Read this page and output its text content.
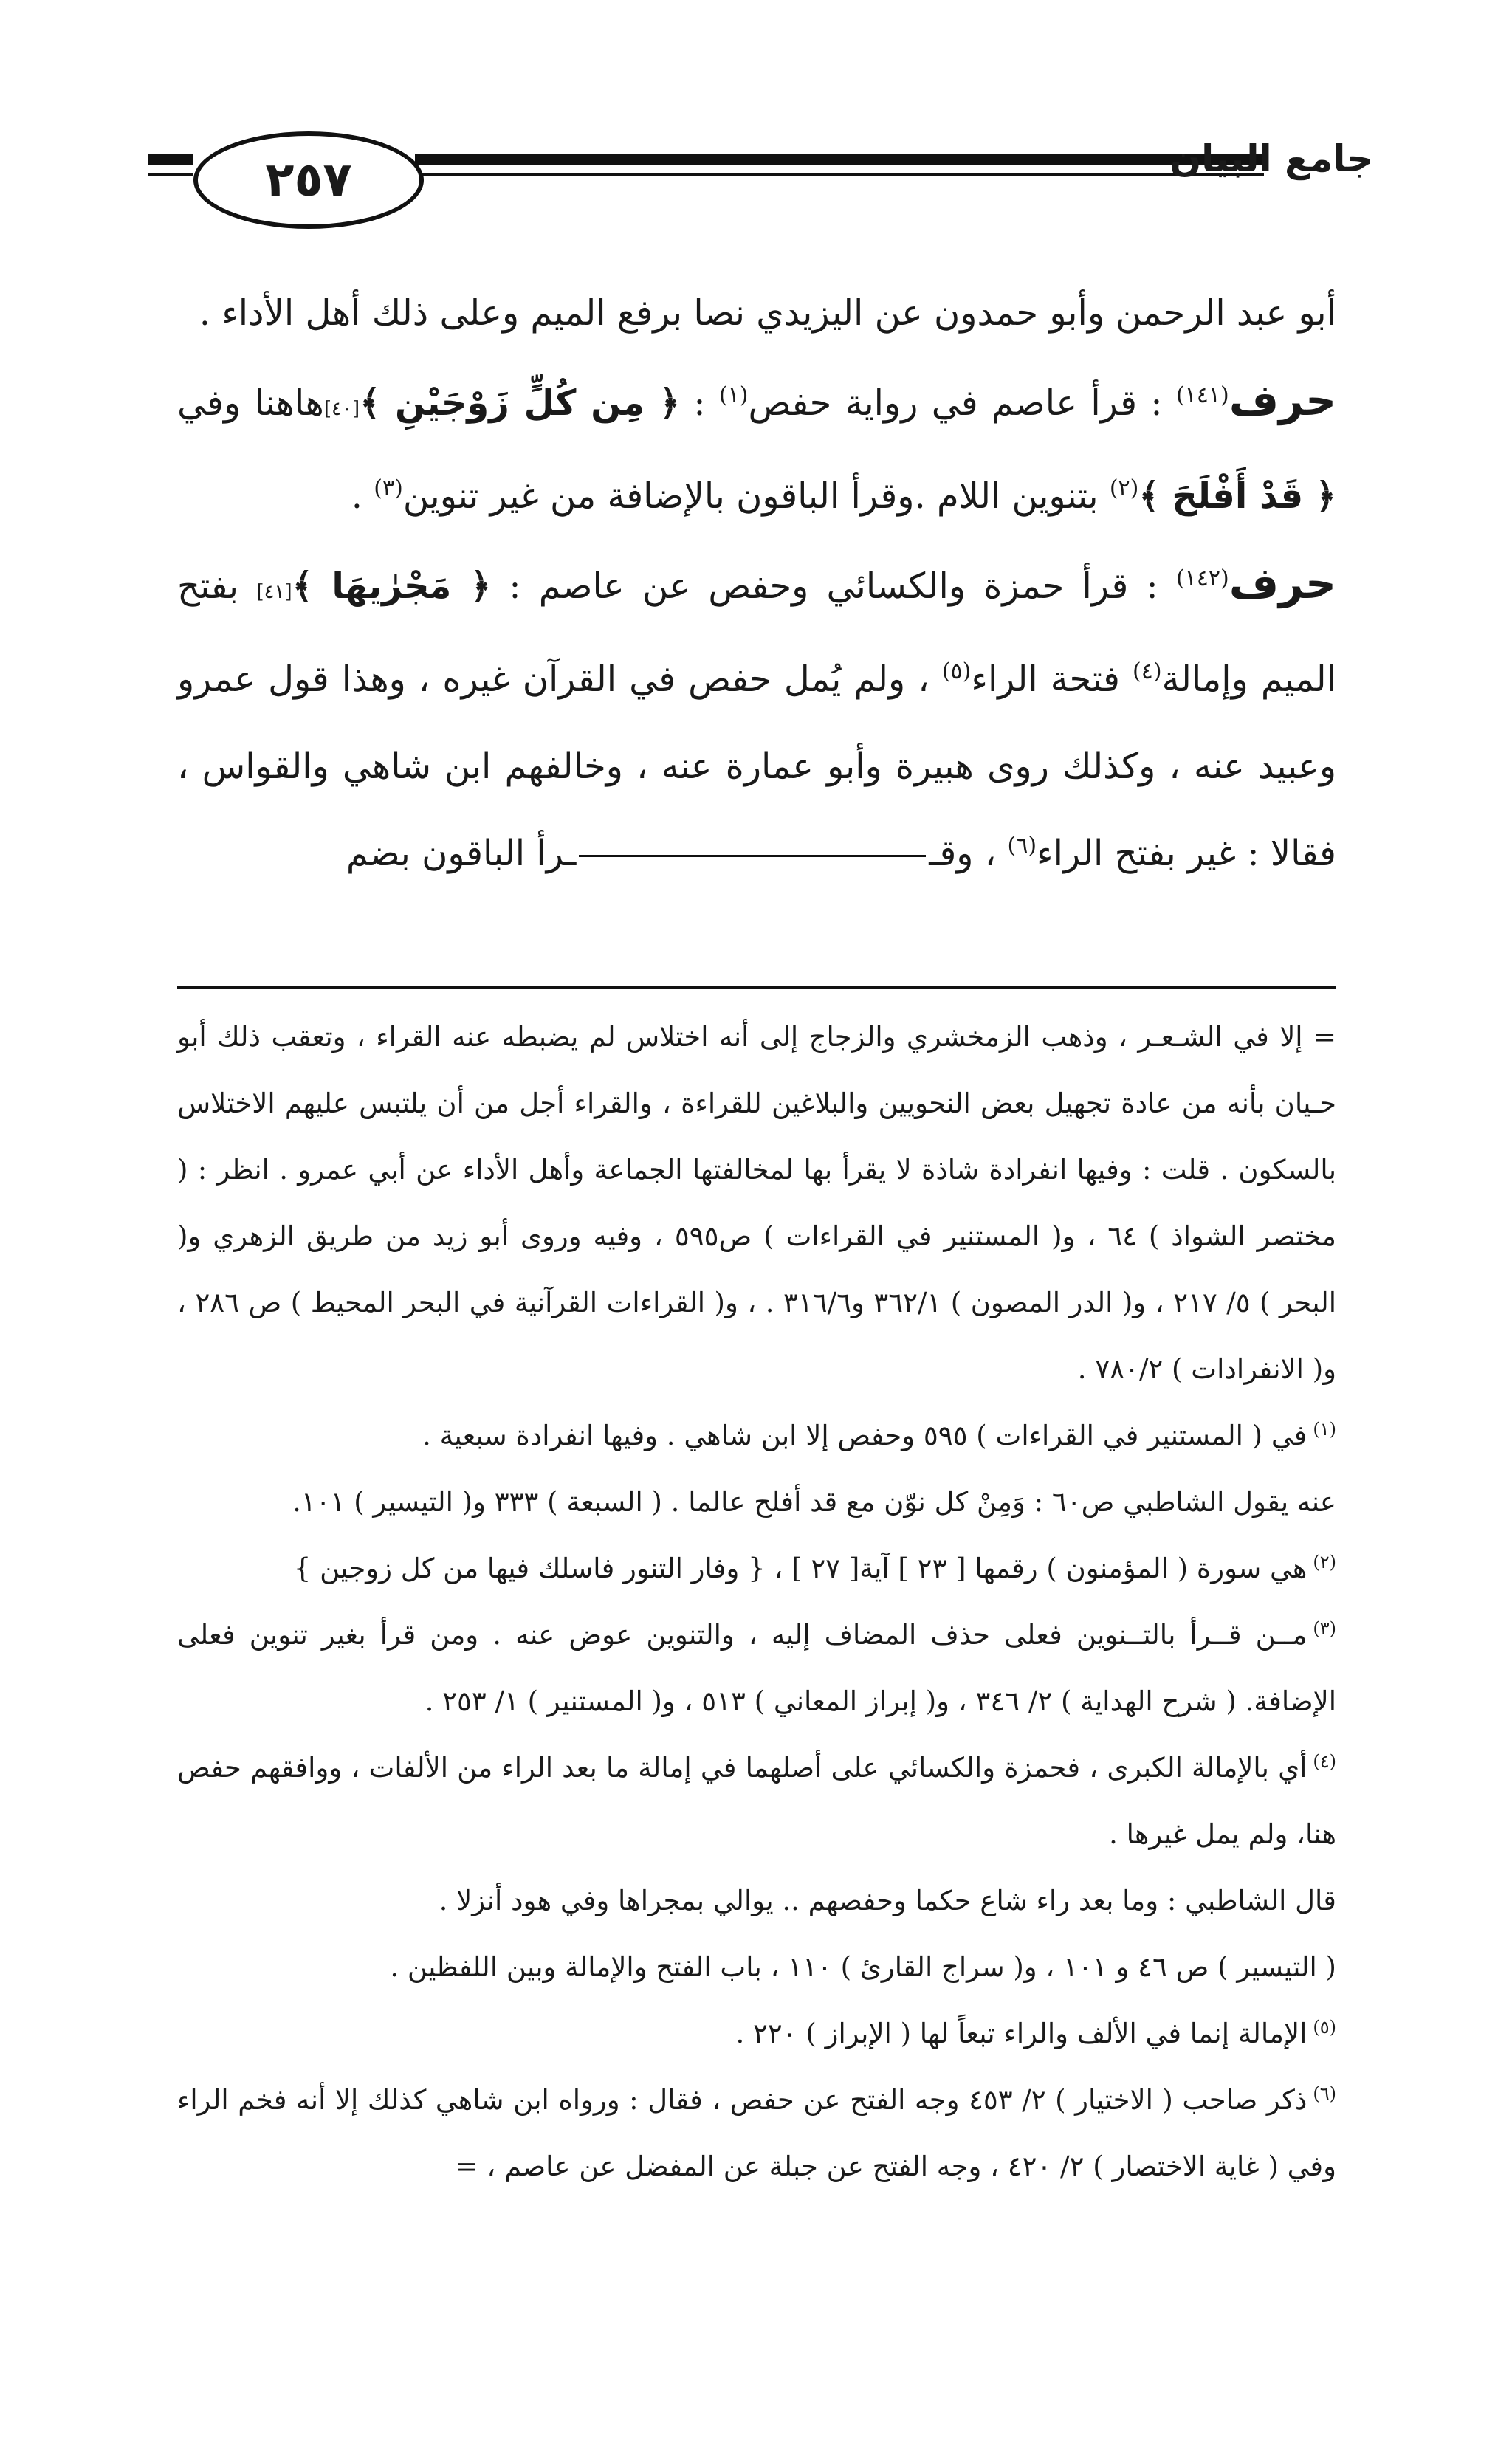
٢٥٧	جامع البيان

أبو عبد الرحمن وأبو حمدون عن اليزيدي نصا برفع الميم وعلى ذلك أهل الأداء .

حرف$^{(١٤١)}$ : قرأ عاصم في رواية حفص$^{(١)}$ : ﴿ مِن كُلٍّ زَوْجَيْنِ ﴾[٤٠]هاهنا وفي ﴿ قَدْ أَفْلَحَ ﴾$^{(٢)}$ بتنوين اللام .وقرأ الباقون بالإضافة من غير تنوين$^{(٣)}$ .

حرف$^{(١٤٢)}$ : قرأ حمزة والكسائي وحفص عن عاصم : ﴿ مَجْرٰيهَا ﴾[٤١] بفتح الميم وإمالة$^{(٤)}$ فتحة الراء$^{(٥)}$ ، ولم يُمل حفص في القرآن غيره ، وهذا قول عمرو وعبيد عنه ، وكذلك روى هبيرة وأبو عمارة عنه ، وخالفهم ابن شاهي والقواس ، فقالا : غير بفتح الراء$^{(٦)}$ ، وقــرأ الباقون بضم

= إلا في الشـعـر ، وذهب الزمخشري والزجاج إلى أنه اختلاس لم يضبطه عنه القراء ، وتعقب ذلك أبو حـيان بأنه من عادة تجهيل بعض النحويين والبلاغين للقراءة ، والقراء أجل من أن يلتبس عليهم الاختلاس بالسكون . قلت : وفيها انفرادة شاذة لا يقرأ بها لمخالفتها الجماعة وأهل الأداء عن أبي عمرو . انظر : ( مختصر الشواذ ) ٦٤ ، و( المستنير في القراءات ) ص٥٩٥ ، وفيه وروى أبو زيد من طريق الزهري و( البحر ) ٥/ ٢١٧ ، و( الدر المصون ) ٣٦٢/١ و٣١٦/٦ . ، و( القراءات القرآنية في البحر المحيط ) ص ٢٨٦ ، و( الانفرادات ) ٧٨٠/٢ .

$^{(١)}$في ( المستنير في القراءات ) ٥٩٥ وحفص إلا ابن شاهي . وفيها انفرادة سبعية .

عنه يقول الشاطبي ص٦٠ : وَمِنْ كل نوّن مع قد أفلح عالما . ( السبعة ) ٣٣٣ و( التيسير ) ١٠١.

$^{(٢)}$هي سورة ( المؤمنون ) رقمها [ ٢٣ ] آية[ ٢٧ ] ، { وفار التنور فاسلك فيها من كل زوجين }

$^{(٣)}$مــن قــرأ بالتــنوين فعلى حذف المضاف إليه ، والتنوين عوض عنه . ومن قرأ بغير تنوين فعلى الإضافة. ( شرح الهداية ) ٢/ ٣٤٦ ، و( إبراز المعاني ) ٥١٣ ، و( المستنير ) ١/ ٢٥٣ .

$^{(٤)}$أي بالإمالة الكبرى ، فحمزة والكسائي على أصلهما في إمالة ما بعد الراء من الألفات ، ووافقهم حفص هنا، ولم يمل غيرها .

قال الشاطبي : وما بعد راء شاع حكما وحفصهم .. يوالي بمجراها وفي هود أنزلا .

( التيسير ) ص ٤٦ و ١٠١ ، و( سراج القارئ ) ١١٠ ، باب الفتح والإمالة وبين اللفظين .

$^{(٥)}$الإمالة إنما في الألف والراء تبعاً لها ( الإبراز ) ٢٢٠ .

$^{(٦)}$ذكر صاحب ( الاختيار ) ٢/ ٤٥٣ وجه الفتح عن حفص ، فقال : ورواه ابن شاهي كذلك إلا أنه فخم الراء وفي ( غاية الاختصار ) ٢/ ٤٢٠ ، وجه الفتح عن جبلة عن المفضل عن عاصم ، =
